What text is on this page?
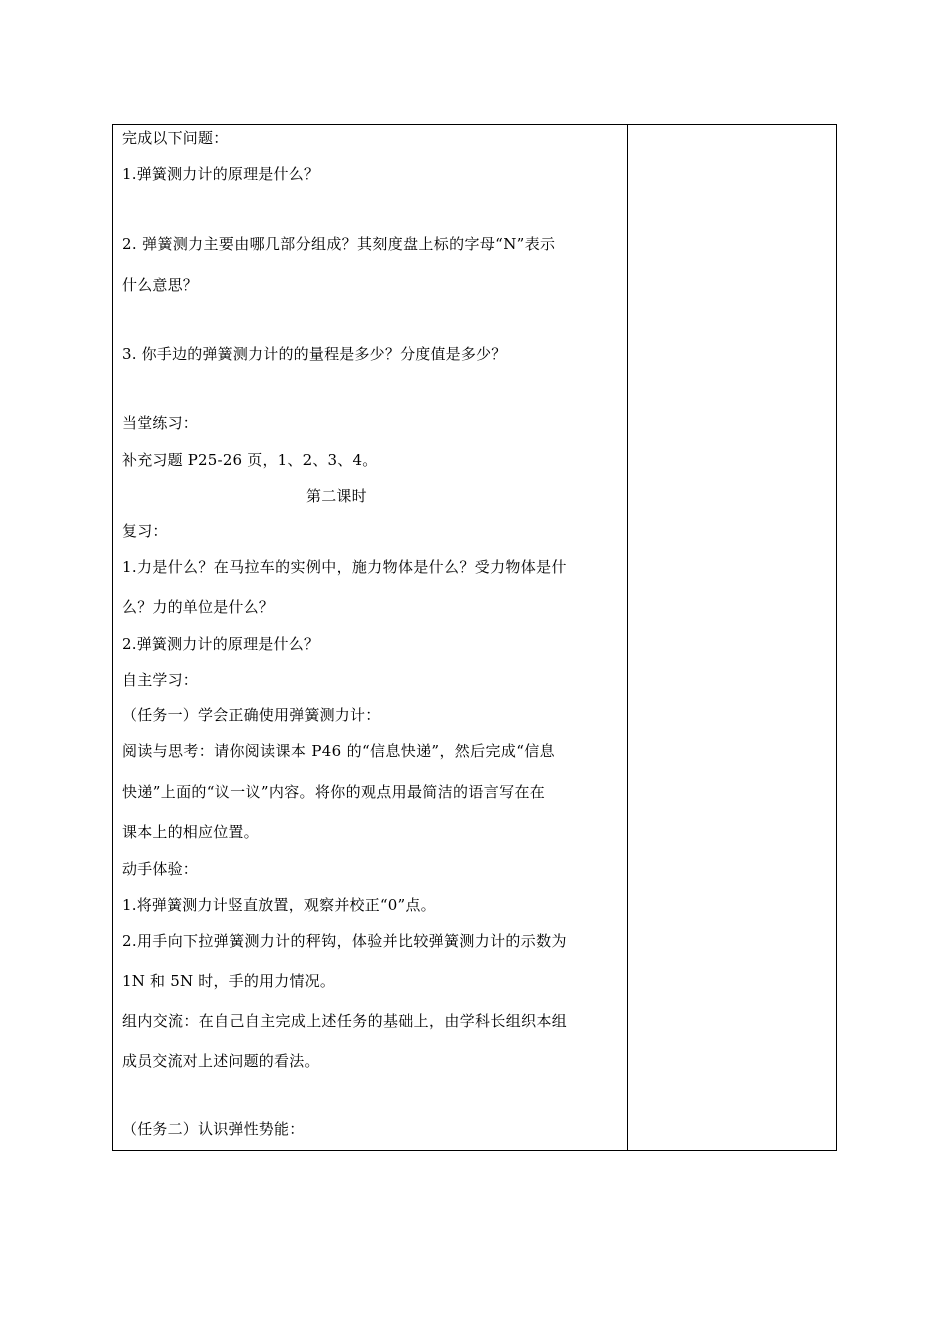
完成以下问题：
1.弹簧测力计的原理是什么？
2. 弹簧测力主要由哪几部分组成？其刻度盘上标的字母“N”表示
什么意思？
3. 你手边的弹簧测力计的的量程是多少？分度值是多少？
当堂练习：
补充习题 P25-26 页，1、2、3、4。
第二课时
复习：
1.力是什么？在马拉车的实例中，施力物体是什么？受力物体是什
么？力的单位是什么？
2.弹簧测力计的原理是什么？
自主学习：
（任务一）学会正确使用弹簧测力计：
阅读与思考：请你阅读课本 P46 的“信息快递”，然后完成“信息
快递”上面的“议一议”内容。将你的观点用最简洁的语言写在在
课本上的相应位置。
动手体验：
1.将弹簧测力计竖直放置，观察并校正“0”点。
2.用手向下拉弹簧测力计的秤钩，体验并比较弹簧测力计的示数为
1N 和 5N 时，手的用力情况。
组内交流：在自己自主完成上述任务的基础上，由学科长组织本组
成员交流对上述问题的看法。
（任务二）认识弹性势能：
